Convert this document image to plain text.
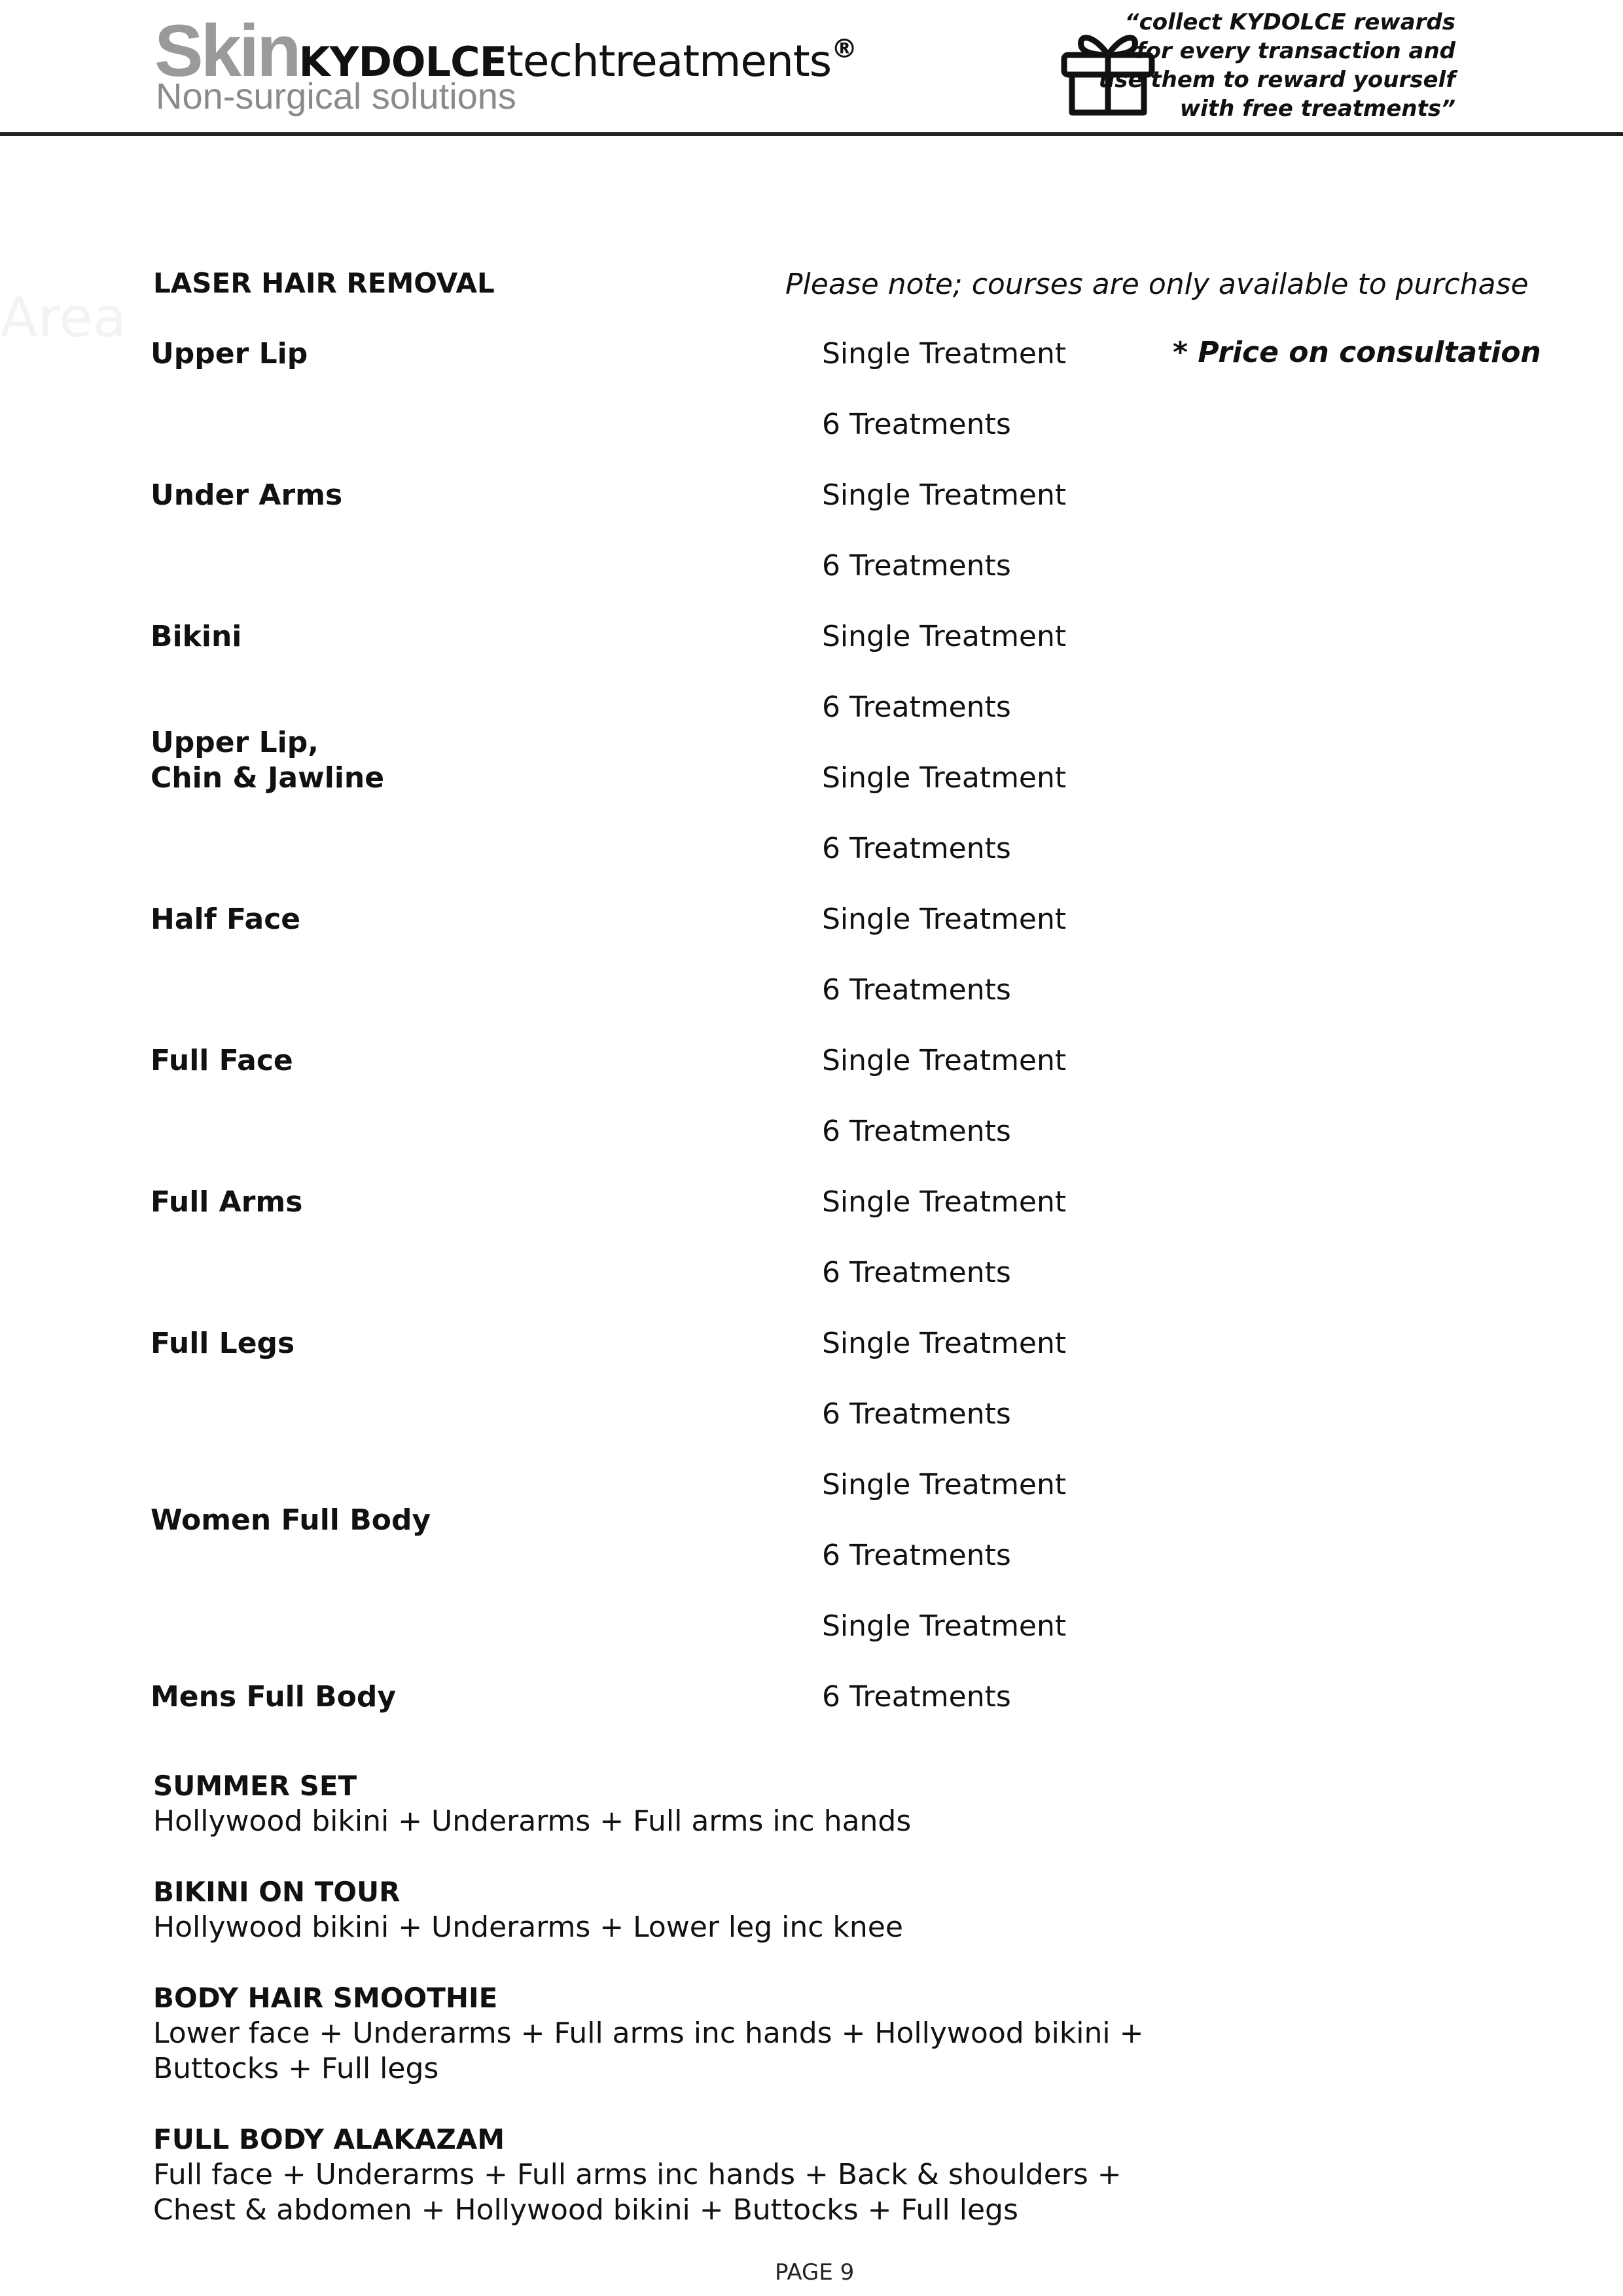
SkinKYDOLCEtechtreatments®
Non-surgical solutions
“collect KYDOLCE rewards
for every transaction and
use them to reward yourself
with free treatments”
Area
LASER HAIR REMOVAL	Please note; courses are only available to purchase
* Price on consultation
Upper Lip
Under Arms
Bikini
Upper Lip,
Chin & Jawline
Half Face
Full Face
Full Arms
Full Legs
Women Full Body
Mens Full Body
Single Treatment
6 Treatments
Single Treatment
6 Treatments
Single Treatment
6 Treatments
Single Treatment
6 Treatments
Single Treatment
6 Treatments
Single Treatment
6 Treatments
Single Treatment
6 Treatments
Single Treatment
6 Treatments
Single Treatment
6 Treatments
Single Treatment
6 Treatments
SUMMER SET
Hollywood bikini + Underarms + Full arms inc hands
BIKINI ON TOUR
Hollywood bikini + Underarms + Lower leg inc knee
BODY HAIR SMOOTHIE
Lower face + Underarms + Full arms inc hands + Hollywood bikini +
Buttocks + Full legs
FULL BODY ALAKAZAM
Full face + Underarms + Full arms inc hands + Back & shoulders +
Chest & abdomen + Hollywood bikini + Buttocks + Full legs
PAGE 9
